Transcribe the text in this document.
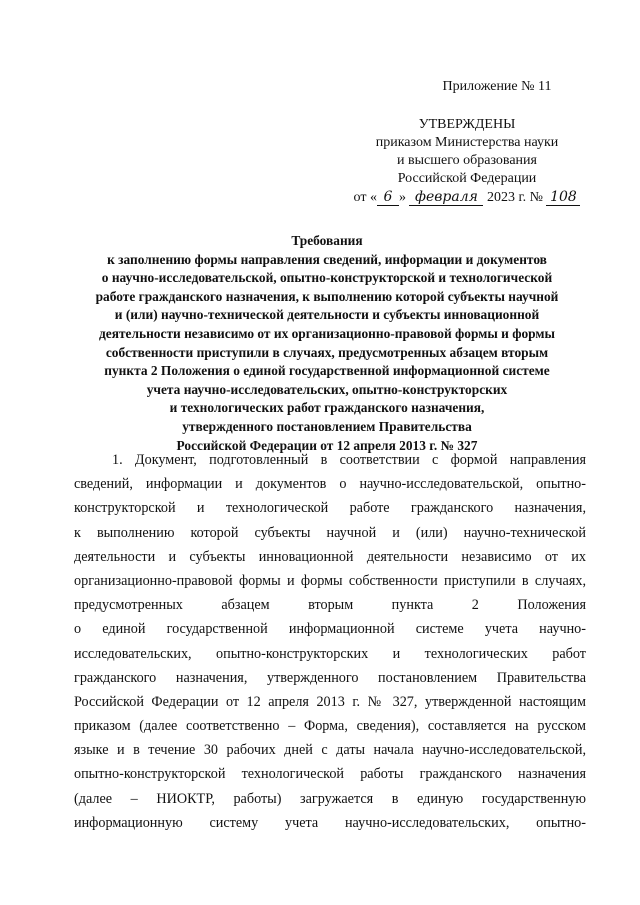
Приложение № 11
УТВЕРЖДЕНЫ
приказом Министерства науки
и высшего образования
Российской Федерации
от « 6 » февраля 2023 г. № 108
Требования
к заполнению формы направления сведений, информации и документов
о научно-исследовательской, опытно-конструкторской и технологической
работе гражданского назначения, к выполнению которой субъекты научной
и (или) научно-технической деятельности и субъекты инновационной
деятельности независимо от их организационно-правовой формы и формы
собственности приступили в случаях, предусмотренных абзацем вторым
пункта 2 Положения о единой государственной информационной системе
учета научно-исследовательских, опытно-конструкторских
и технологических работ гражданского назначения,
утвержденного постановлением Правительства
Российской Федерации от 12 апреля 2013 г. № 327
1. Документ, подготовленный в соответствии с формой направления
сведений, информации и документов о научно-исследовательской, опытно-
конструкторской и технологической работе гражданского назначения,
к выполнению которой субъекты научной и (или) научно-технической
деятельности и субъекты инновационной деятельности независимо от их
организационно-правовой формы и формы собственности приступили в случаях,
предусмотренных абзацем вторым пункта 2 Положения
о единой государственной информационной системе учета научно-
исследовательских, опытно-конструкторских и технологических работ
гражданского назначения, утвержденного постановлением Правительства
Российской Федерации от 12 апреля 2013 г. № 327, утвержденной настоящим
приказом (далее соответственно – Форма, сведения), составляется на русском
языке и в течение 30 рабочих дней с даты начала научно-исследовательской,
опытно-конструкторской технологической работы гражданского назначения
(далее – НИОКТР, работы) загружается в единую государственную
информационную систему учета научно-исследовательских, опытно-
